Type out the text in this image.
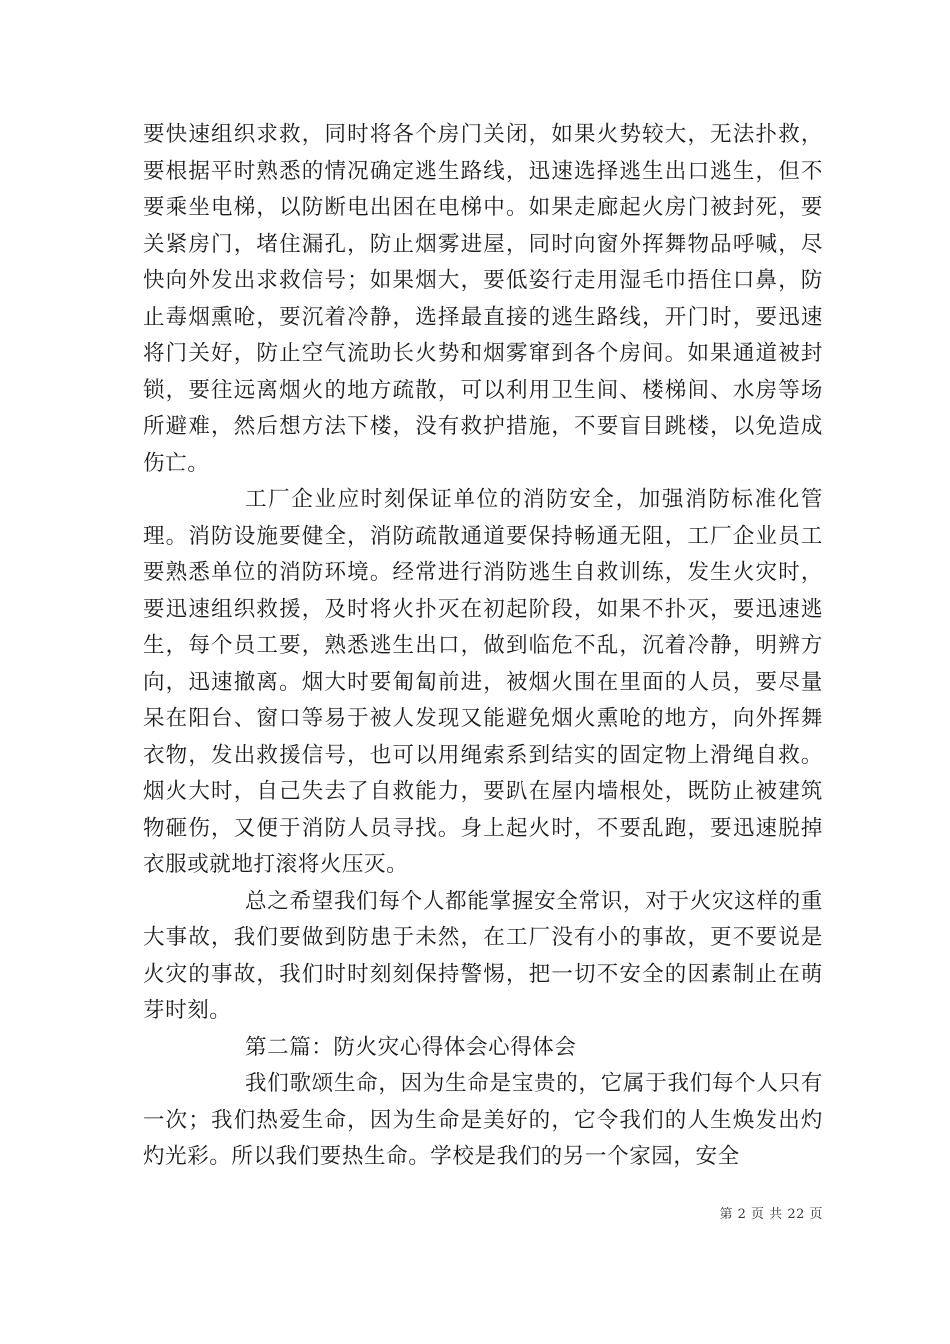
要快速组织求救，同时将各个房门关闭，如果火势较大，无法扑救，要根据平时熟悉的情况确定逃生路线，迅速选择逃生出口逃生，但不要乘坐电梯，以防断电出困在电梯中。如果走廊起火房门被封死，要关紧房门，堵住漏孔，防止烟雾进屋，同时向窗外挥舞物品呼喊，尽快向外发出求救信号；如果烟大，要低姿行走用湿毛巾捂住口鼻，防止毒烟熏呛，要沉着冷静，选择最直接的逃生路线，开门时，要迅速将门关好，防止空气流助长火势和烟雾窜到各个房间。如果通道被封锁，要往远离烟火的地方疏散，可以利用卫生间、楼梯间、水房等场所避难，然后想方法下楼，没有救护措施，不要盲目跳楼，以免造成伤亡。

工厂企业应时刻保证单位的消防安全，加强消防标准化管理。消防设施要健全，消防疏散通道要保持畅通无阻，工厂企业员工要熟悉单位的消防环境。经常进行消防逃生自救训练，发生火灾时，要迅速组织救援，及时将火扑灭在初起阶段，如果不扑灭，要迅速逃生，每个员工要，熟悉逃生出口，做到临危不乱，沉着冷静，明辨方向，迅速撤离。烟大时要匍匐前进，被烟火围在里面的人员，要尽量呆在阳台、窗口等易于被人发现又能避免烟火熏呛的地方，向外挥舞衣物，发出救援信号，也可以用绳索系到结实的固定物上滑绳自救。烟火大时，自己失去了自救能力，要趴在屋内墙根处，既防止被建筑物砸伤，又便于消防人员寻找。身上起火时，不要乱跑，要迅速脱掉衣服或就地打滚将火压灭。

总之希望我们每个人都能掌握安全常识，对于火灾这样的重大事故，我们要做到防患于未然，在工厂没有小的事故，更不要说是火灾的事故，我们时时刻刻保持警惕，把一切不安全的因素制止在萌芽时刻。

第二篇：防火灾心得体会心得体会

我们歌颂生命，因为生命是宝贵的，它属于我们每个人只有一次；我们热爱生命，因为生命是美好的，它令我们的人生焕发出灼灼光彩。所以我们要热生命。学校是我们的另一个家园，安全

第 2 页 共 22 页
